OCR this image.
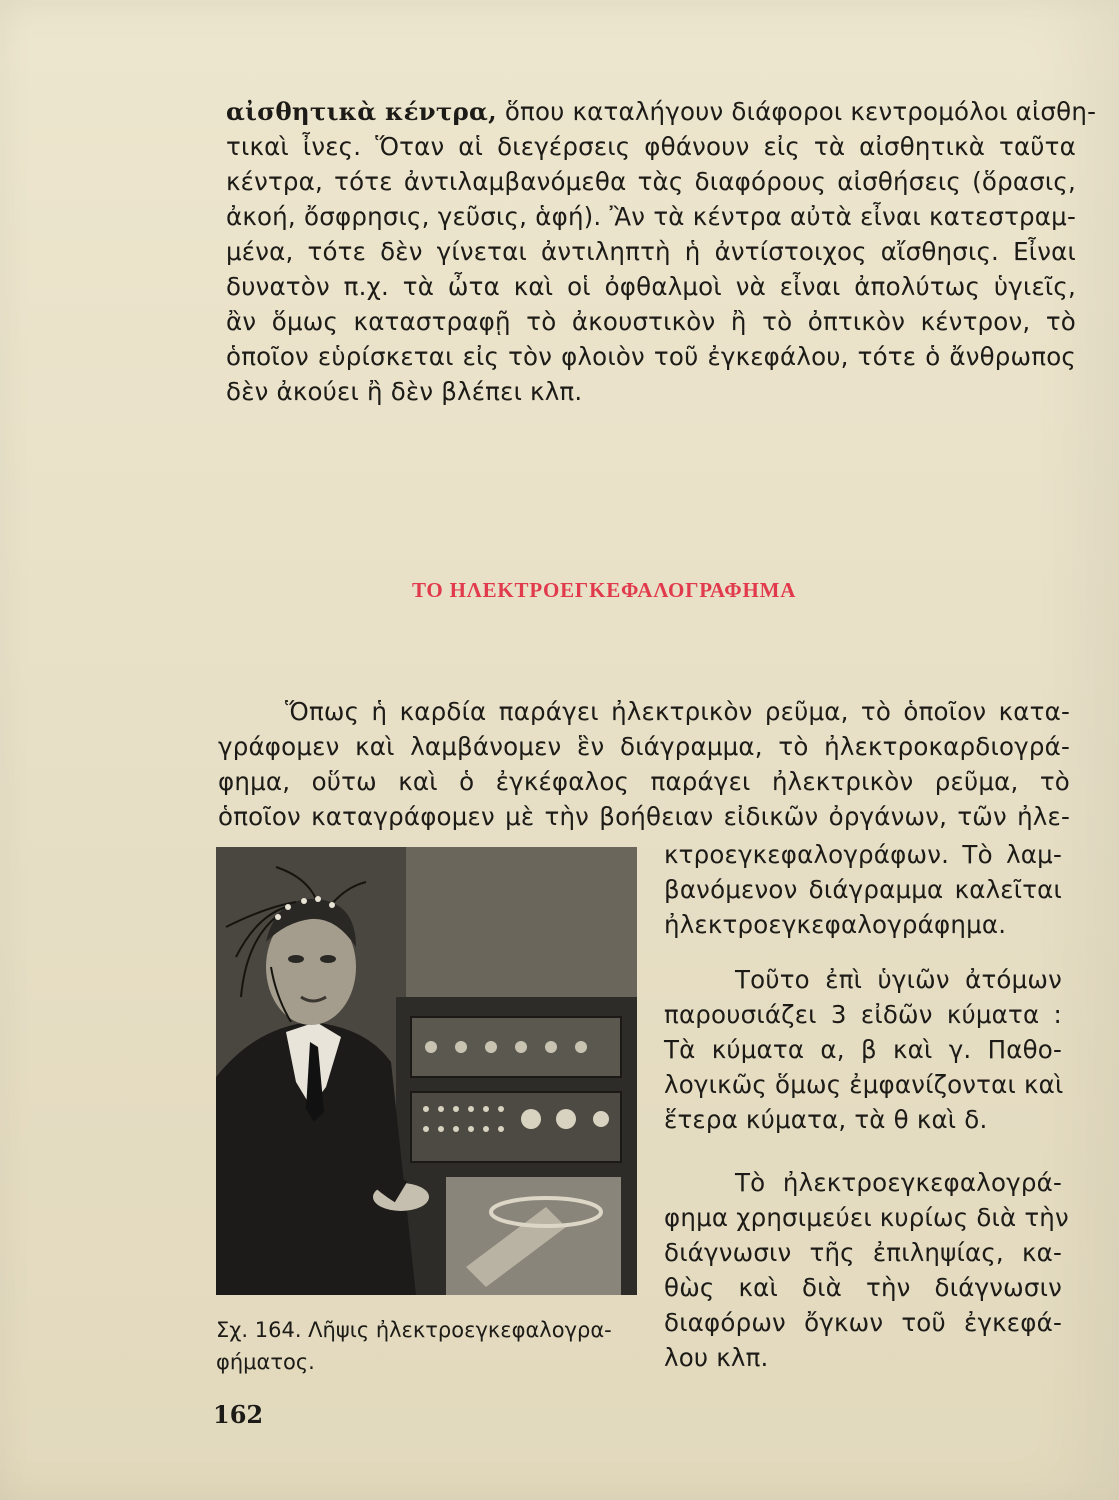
αἰσθητικὰ κέντρα, ὅπου καταλήγουν διάφοροι κεντρομόλοι αἰσθη-
τικαὶ ἶνες. Ὅταν αἱ διεγέρσεις φθάνουν εἰς τὰ αἰσθητικὰ ταῦτα
κέντρα, τότε ἀντιλαμβανόμεθα τὰς διαφόρους αἰσθήσεις (ὅρασις,
ἀκοή, ὄσφρησις, γεῦσις, ἁφή). Ἂν τὰ κέντρα αὐτὰ εἶναι κατεστραμ-
μένα, τότε δὲν γίνεται ἀντιληπτὴ ἡ ἀντίστοιχος αἴσθησις. Εἶναι
δυνατὸν π.χ. τὰ ὦτα καὶ οἱ ὀφθαλμοὶ νὰ εἶναι ἀπολύτως ὑγιεῖς,
ἂν ὅμως καταστραφῇ τὸ ἀκουστικὸν ἢ τὸ ὀπτικὸν κέντρον, τὸ
ὁποῖον εὑρίσκεται εἰς τὸν φλοιὸν τοῦ ἐγκεφάλου, τότε ὁ ἄνθρωπος
δὲν ἀκούει ἢ δὲν βλέπει κλπ.
ΤΟ ΗΛΕΚΤΡΟΕΓΚΕΦΑΛΟΓΡΑΦΗΜΑ
Ὅπως ἡ καρδία παράγει ἠλεκτρικὸν ρεῦμα, τὸ ὁποῖον κατα-
γράφομεν καὶ λαμβάνομεν ἓν διάγραμμα, τὸ ἠλεκτροκαρδιογρά-
φημα, οὕτω καὶ ὁ ἐγκέφαλος παράγει ἠλεκτρικὸν ρεῦμα, τὸ
ὁποῖον καταγράφομεν μὲ τὴν βοήθειαν εἰδικῶν ὀργάνων, τῶν ἠλε-
κτροεγκεφαλογράφων. Τὸ λαμ-
βανόμενον διάγραμμα καλεῖται
ἠλεκτροεγκεφαλογράφημα.
Τοῦτο ἐπὶ ὑγιῶν ἀτόμων
παρουσιάζει 3 εἰδῶν κύματα :
Τὰ κύματα α, β καὶ γ. Παθο-
λογικῶς ὅμως ἐμφανίζονται καὶ
ἕτερα κύματα, τὰ θ καὶ δ.
Τὸ ἠλεκτροεγκεφαλογρά-
φημα χρησιμεύει κυρίως διὰ τὴν
διάγνωσιν τῆς ἐπιληψίας, κα-
θὼς καὶ διὰ τὴν διάγνωσιν
διαφόρων ὄγκων τοῦ ἐγκεφά-
λου κλπ.
Σχ. 164. Λῆψις ἠλεκτροεγκεφαλογρα-
φήματος.
162
